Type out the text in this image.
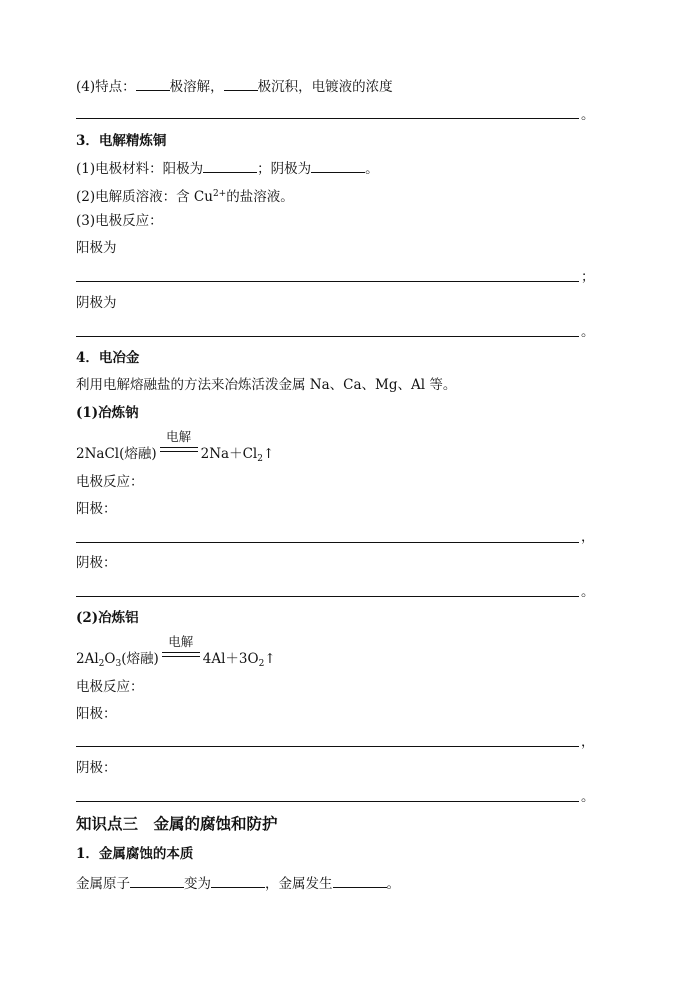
(4)特点：	极溶解，	极沉积，电镀液的浓度
。
3．电解精炼铜
(1)电极材料：阳极为	；阴极为	。
(2)电解质溶液：含 $Cu^{2+}$的盐溶液。
(3)电极反应：
阳极为
；
阴极为
。
4．电冶金
利用电解熔融盐的方法来冶炼活泼金属 Na、Ca、Mg、Al 等。
(1)冶炼钠
2NaCl(熔融)
电解
$2Na+Cl_2↑$
电极反应：
阳极：
，
阴极：
。
(2)冶炼铝
$2Al_2O_3$(熔融)
电解
$4Al+3O_2↑$
电极反应：
阳极：
，
阴极：
。
知识点三　金属的腐蚀和防护
1．金属腐蚀的本质
金属原子	变为	，金属发生	。
